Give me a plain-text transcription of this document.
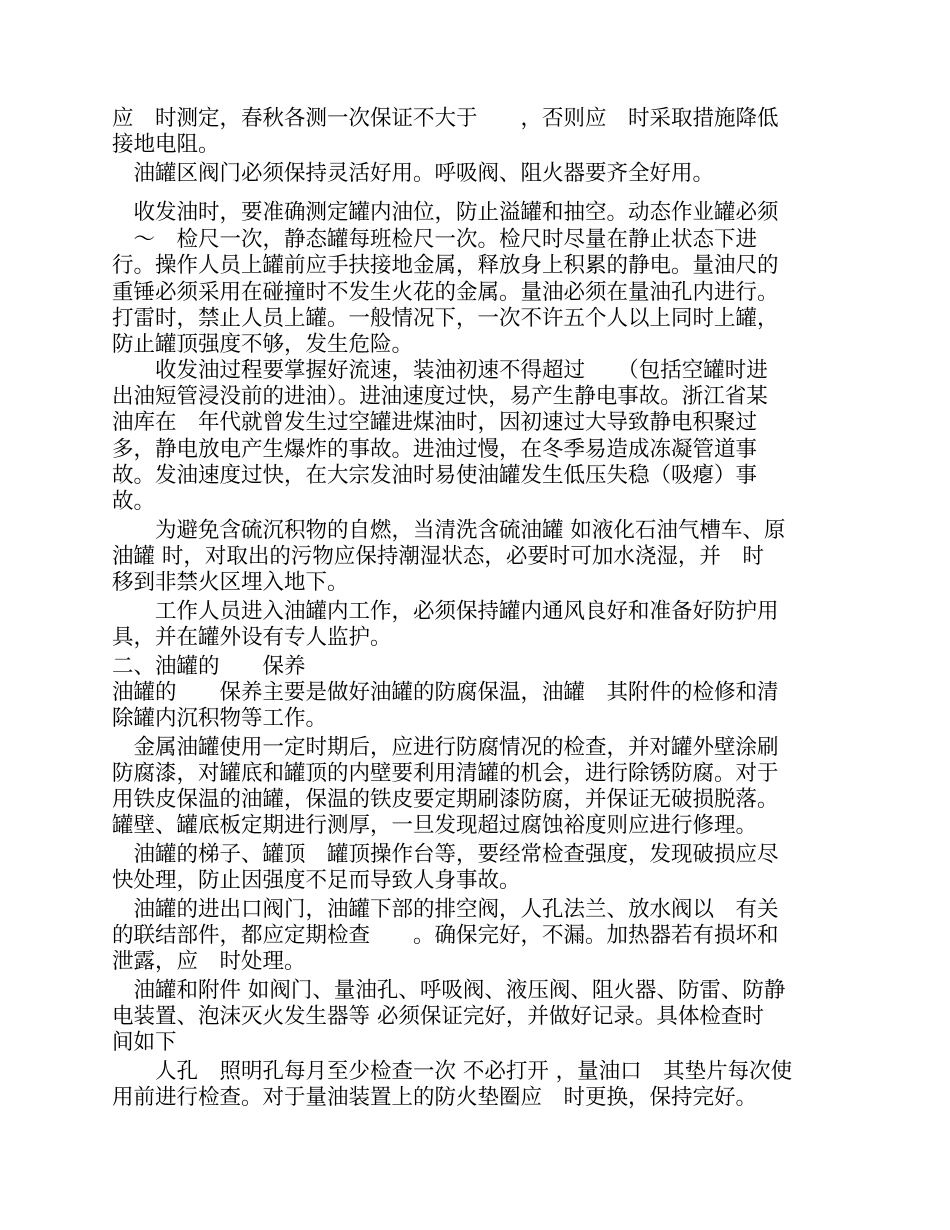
应　时测定，春秋各测一次保证不大于　　，否则应　时采取措施降低

接地电阻。

　油罐区阀门必须保持灵活好用。呼吸阀、阻火器要齐全好用。

　收发油时，要准确测定罐内油位，防止溢罐和抽空。动态作业罐必须

　～　检尺一次，静态罐每班检尺一次。检尺时尽量在静止状态下进

行。操作人员上罐前应手扶接地金属，释放身上积累的静电。量油尺的

重锤必须采用在碰撞时不发生火花的金属。量油必须在量油孔内进行。

打雷时，禁止人员上罐。一般情况下，一次不许五个人以上同时上罐，

防止罐顶强度不够，发生危险。

　　收发油过程要掌握好流速，装油初速不得超过　　（包括空罐时进

出油短管浸没前的进油）。进油速度过快，易产生静电事故。浙江省某

油库在　年代就曾发生过空罐进煤油时，因初速过大导致静电积聚过

多，静电放电产生爆炸的事故。进油过慢，在冬季易造成冻凝管道事

故。发油速度过快，在大宗发油时易使油罐发生低压失稳（吸瘪）事

故。

　　为避免含硫沉积物的自燃，当清洗含硫油罐 如液化石油气槽车、原

油罐 时，对取出的污物应保持潮湿状态，必要时可加水浇湿，并　时

移到非禁火区埋入地下。

　　工作人员进入油罐内工作，必须保持罐内通风良好和准备好防护用

具，并在罐外设有专人监护。

二、油罐的　　保养

油罐的　　保养主要是做好油罐的防腐保温，油罐　其附件的检修和清

除罐内沉积物等工作。

　金属油罐使用一定时期后，应进行防腐情况的检查，并对罐外壁涂刷

防腐漆，对罐底和罐顶的内壁要利用清罐的机会，进行除锈防腐。对于

用铁皮保温的油罐，保温的铁皮要定期刷漆防腐，并保证无破损脱落。

罐壁、罐底板定期进行测厚，一旦发现超过腐蚀裕度则应进行修理。

　油罐的梯子、罐顶　罐顶操作台等，要经常检查强度，发现破损应尽

快处理，防止因强度不足而导致人身事故。

　油罐的进出口阀门，油罐下部的排空阀，人孔法兰、放水阀以　有关

的联结部件，都应定期检查　　。确保完好，不漏。加热器若有损坏和

泄露，应　时处理。

　油罐和附件 如阀门、量油孔、呼吸阀、液压阀、阻火器、防雷、防静

电装置、泡沫灭火发生器等 必须保证完好，并做好记录。具体检查时

间如下

　　人孔　照明孔每月至少检查一次 不必打开 ，量油口　其垫片每次使

用前进行检查。对于量油装置上的防火垫圈应　时更换，保持完好。
